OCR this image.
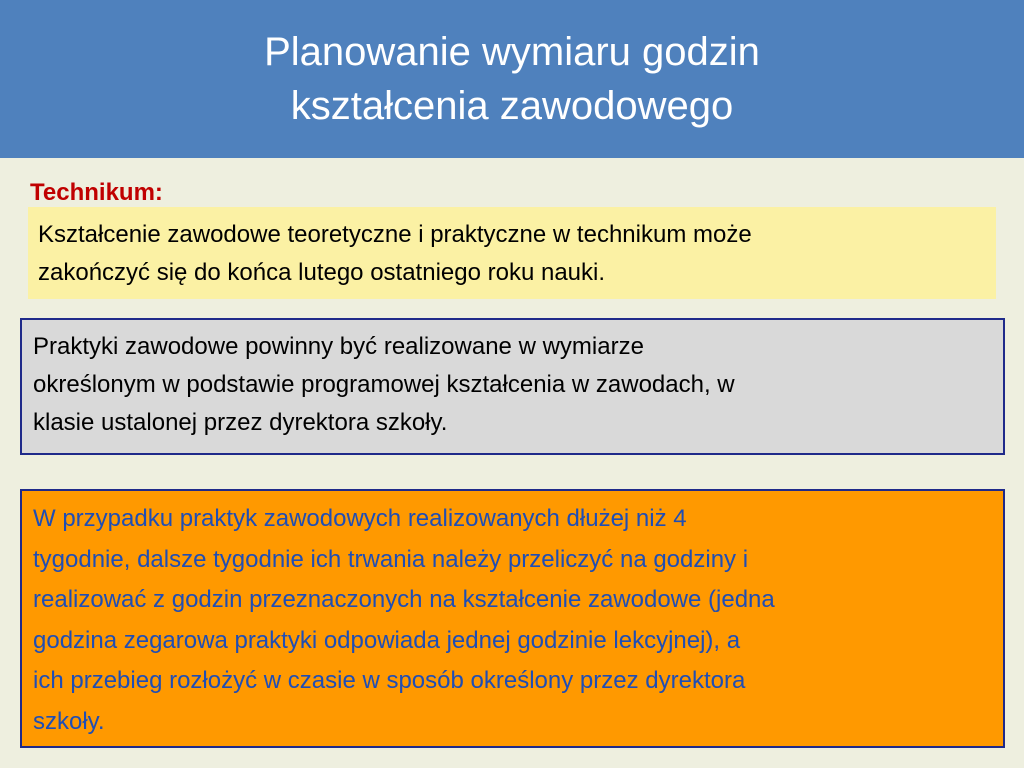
Planowanie wymiaru godzin
kształcenia zawodowego
Technikum:
Kształcenie zawodowe teoretyczne i praktyczne w technikum może
zakończyć się do końca lutego ostatniego roku nauki.
Praktyki zawodowe powinny być realizowane w wymiarze
określonym w podstawie programowej kształcenia w zawodach, w
klasie ustalonej przez dyrektora szkoły.
W przypadku praktyk zawodowych realizowanych dłużej niż 4
tygodnie, dalsze tygodnie ich trwania należy przeliczyć na godziny i
realizować z godzin przeznaczonych na kształcenie zawodowe (jedna
godzina zegarowa praktyki odpowiada jednej godzinie lekcyjnej), a
ich przebieg rozłożyć w czasie w sposób określony przez dyrektora
szkoły.
